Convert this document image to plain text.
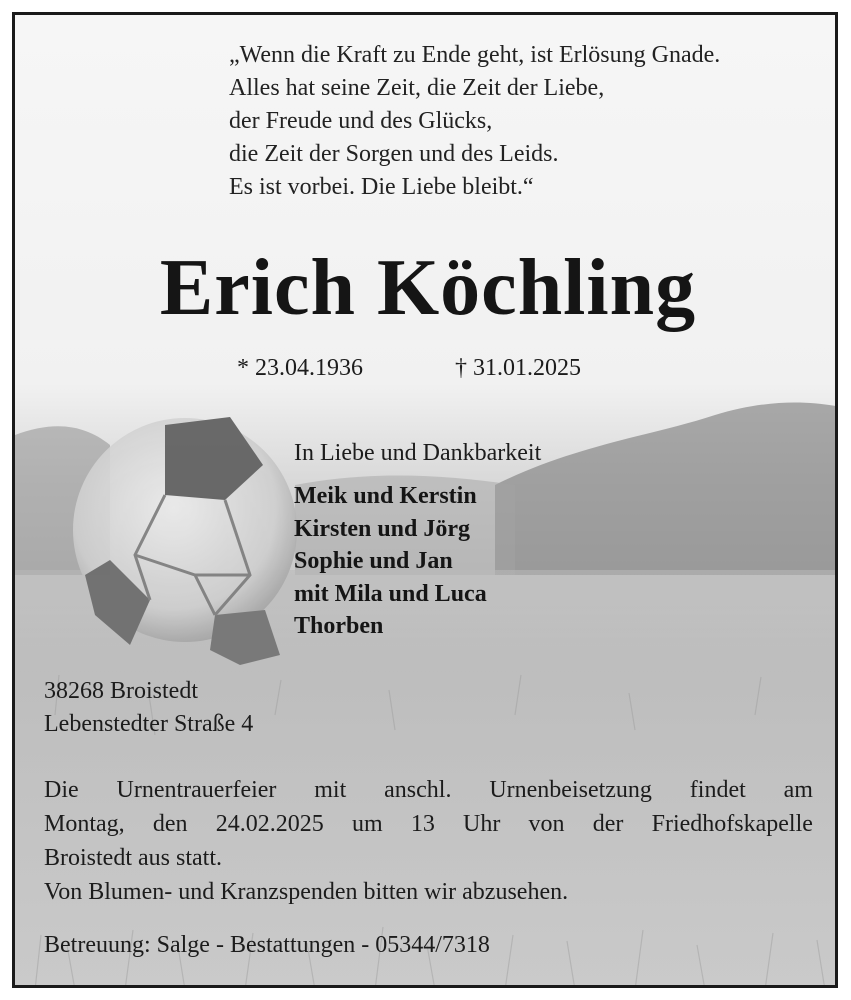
„Wenn die Kraft zu Ende geht, ist Erlösung Gnade.
Alles hat seine Zeit, die Zeit der Liebe,
der Freude und des Glücks,
die Zeit der Sorgen und des Leids.
Es ist vorbei. Die Liebe bleibt.“
Erich Köchling
* 23.04.1936	† 31.01.2025
In Liebe und Dankbarkeit
Meik und Kerstin
Kirsten und Jörg
Sophie und Jan
mit Mila und Luca
Thorben
38268 Broistedt
Lebenstedter Straße 4
Die Urnentrauerfeier mit anschl. Urnenbeisetzung findet am
Montag, den 24.02.2025 um 13 Uhr von der Friedhofskapelle
Broistedt aus statt.
Von Blumen- und Kranzspenden bitten wir abzusehen.
Betreuung: Salge - Bestattungen - 05344/7318
